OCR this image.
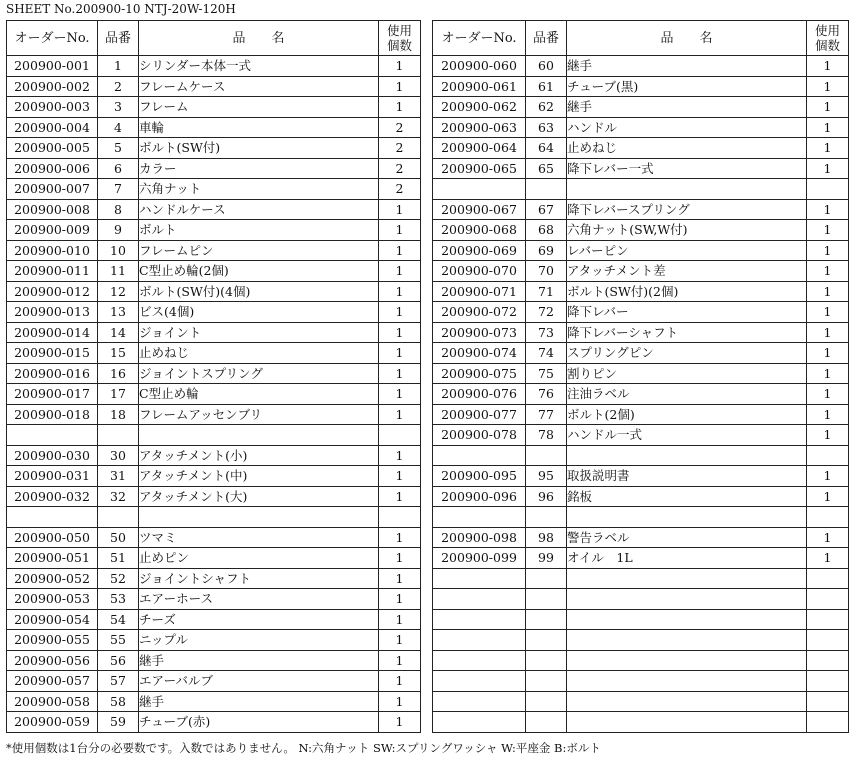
SHEET No.200900-10 NTJ-20W-120H
オーダーNo.	品番	品　　名	使用
個数
200900-001	1	シリンダー本体一式	1
200900-002	2	フレームケース	1
200900-003	3	フレーム	1
200900-004	4	車輪	2
200900-005	5	ボルト(SW付)	2
200900-006	6	カラー	2
200900-007	7	六角ナット	2
200900-008	8	ハンドルケース	1
200900-009	9	ボルト	1
200900-010	10	フレームピン	1
200900-011	11	C型止め輪(2個)	1
200900-012	12	ボルト(SW付)(4個)	1
200900-013	13	ビス(4個)	1
200900-014	14	ジョイント	1
200900-015	15	止めねじ	1
200900-016	16	ジョイントスプリング	1
200900-017	17	C型止め輪	1
200900-018	18	フレームアッセンブリ	1

200900-030	30	アタッチメント(小)	1
200900-031	31	アタッチメント(中)	1
200900-032	32	アタッチメント(大)	1

200900-050	50	ツマミ	1
200900-051	51	止めピン	1
200900-052	52	ジョイントシャフト	1
200900-053	53	エアーホース	1
200900-054	54	チーズ	1
200900-055	55	ニップル	1
200900-056	56	継手	1
200900-057	57	エアーバルブ	1
200900-058	58	継手	1
200900-059	59	チューブ(赤)	1
オーダーNo.	品番	品　　名	使用
個数
200900-060	60	継手	1
200900-061	61	チューブ(黒)	1
200900-062	62	継手	1
200900-063	63	ハンドル	1
200900-064	64	止めねじ	1
200900-065	65	降下レバー一式	1

200900-067	67	降下レバースプリング	1
200900-068	68	六角ナット(SW,W付)	1
200900-069	69	レバーピン	1
200900-070	70	アタッチメント差	1
200900-071	71	ボルト(SW付)(2個)	1
200900-072	72	降下レバー	1
200900-073	73	降下レバーシャフト	1
200900-074	74	スプリングピン	1
200900-075	75	割りピン	1
200900-076	76	注油ラベル	1
200900-077	77	ボルト(2個)	1
200900-078	78	ハンドル一式	1

200900-095	95	取扱説明書	1
200900-096	96	銘板	1

200900-098	98	警告ラベル	1
200900-099	99	オイル　1L	1

*使用個数は1台分の必要数です。入数ではありません。 N:六角ナット SW:スプリングワッシャ W:平座金 B:ボルト
